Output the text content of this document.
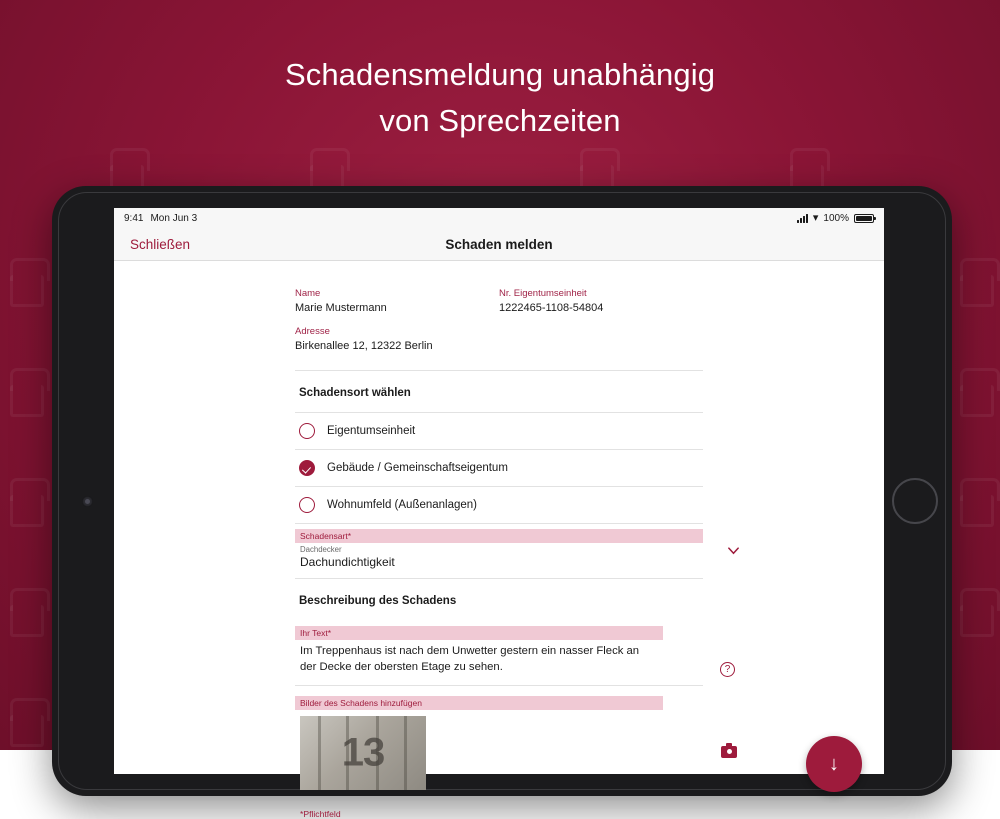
Schadensmeldung unabhängig
von Sprechzeiten
9:41 Mon Jun 3	▾ 100%
Schließen	Schaden melden
Name
Marie Mustermann
Adresse
Birkenallee 12, 12322 Berlin
Nr. Eigentumseinheit
1222465-1108-54804
Schadensort wählen
Eigentumseinheit
Gebäude / Gemeinschaftseigentum
Wohnumfeld (Außenanlagen)
Schadensart*
Dachdecker
Dachundichtigkeit
Beschreibung des Schadens
Ihr Text*
Im Treppenhaus ist nach dem Unwetter gestern ein nasser Fleck an der Decke der obersten Etage zu sehen.	?
Bilder des Schadens hinzufügen
13
*Pflichtfeld
↓
